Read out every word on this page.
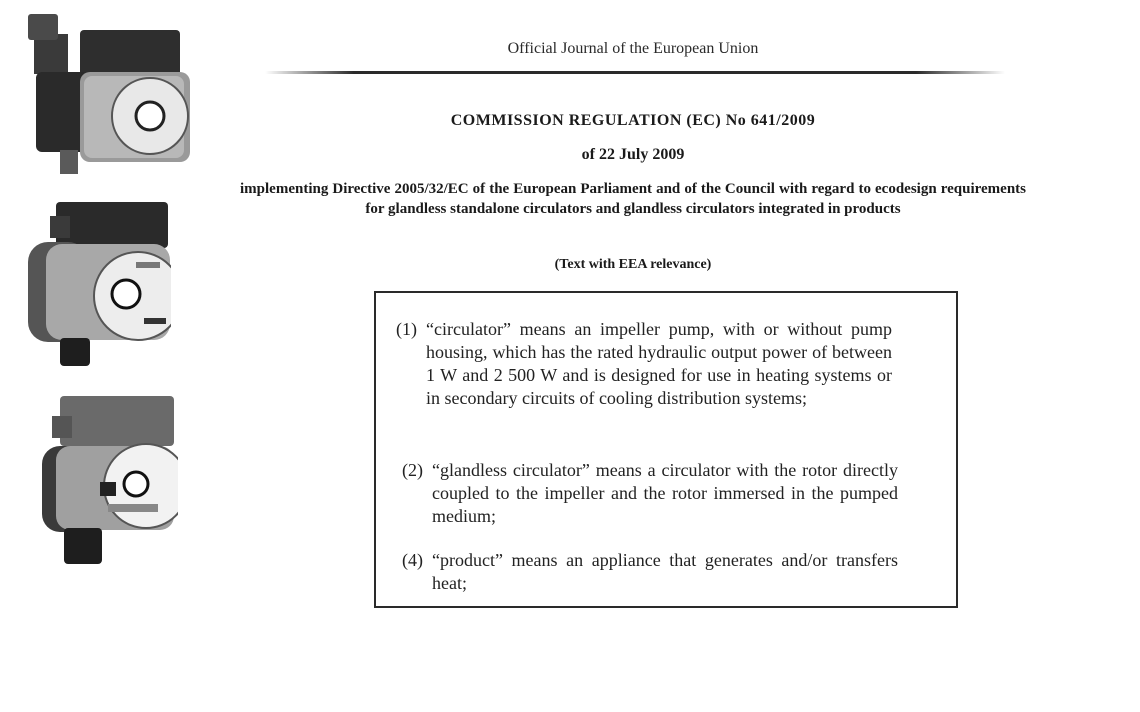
Official Journal of the European Union
COMMISSION REGULATION (EC) No 641/2009
of 22 July 2009
implementing Directive 2005/32/EC of the European Parliament and of the Council with regard to ecodesign requirements for glandless standalone circulators and glandless circulators integrated in products
(Text with EEA relevance)
(1) “circulator” means an impeller pump, with or without pump housing, which has the rated hydraulic output power of between 1 W and 2 500 W and is designed for use in heating systems or in secondary circuits of cooling distribution systems;
(2) “glandless circulator” means a circulator with the rotor directly coupled to the impeller and the rotor immersed in the pumped medium;
(4) “product” means an appliance that generates and/or transfers heat;
